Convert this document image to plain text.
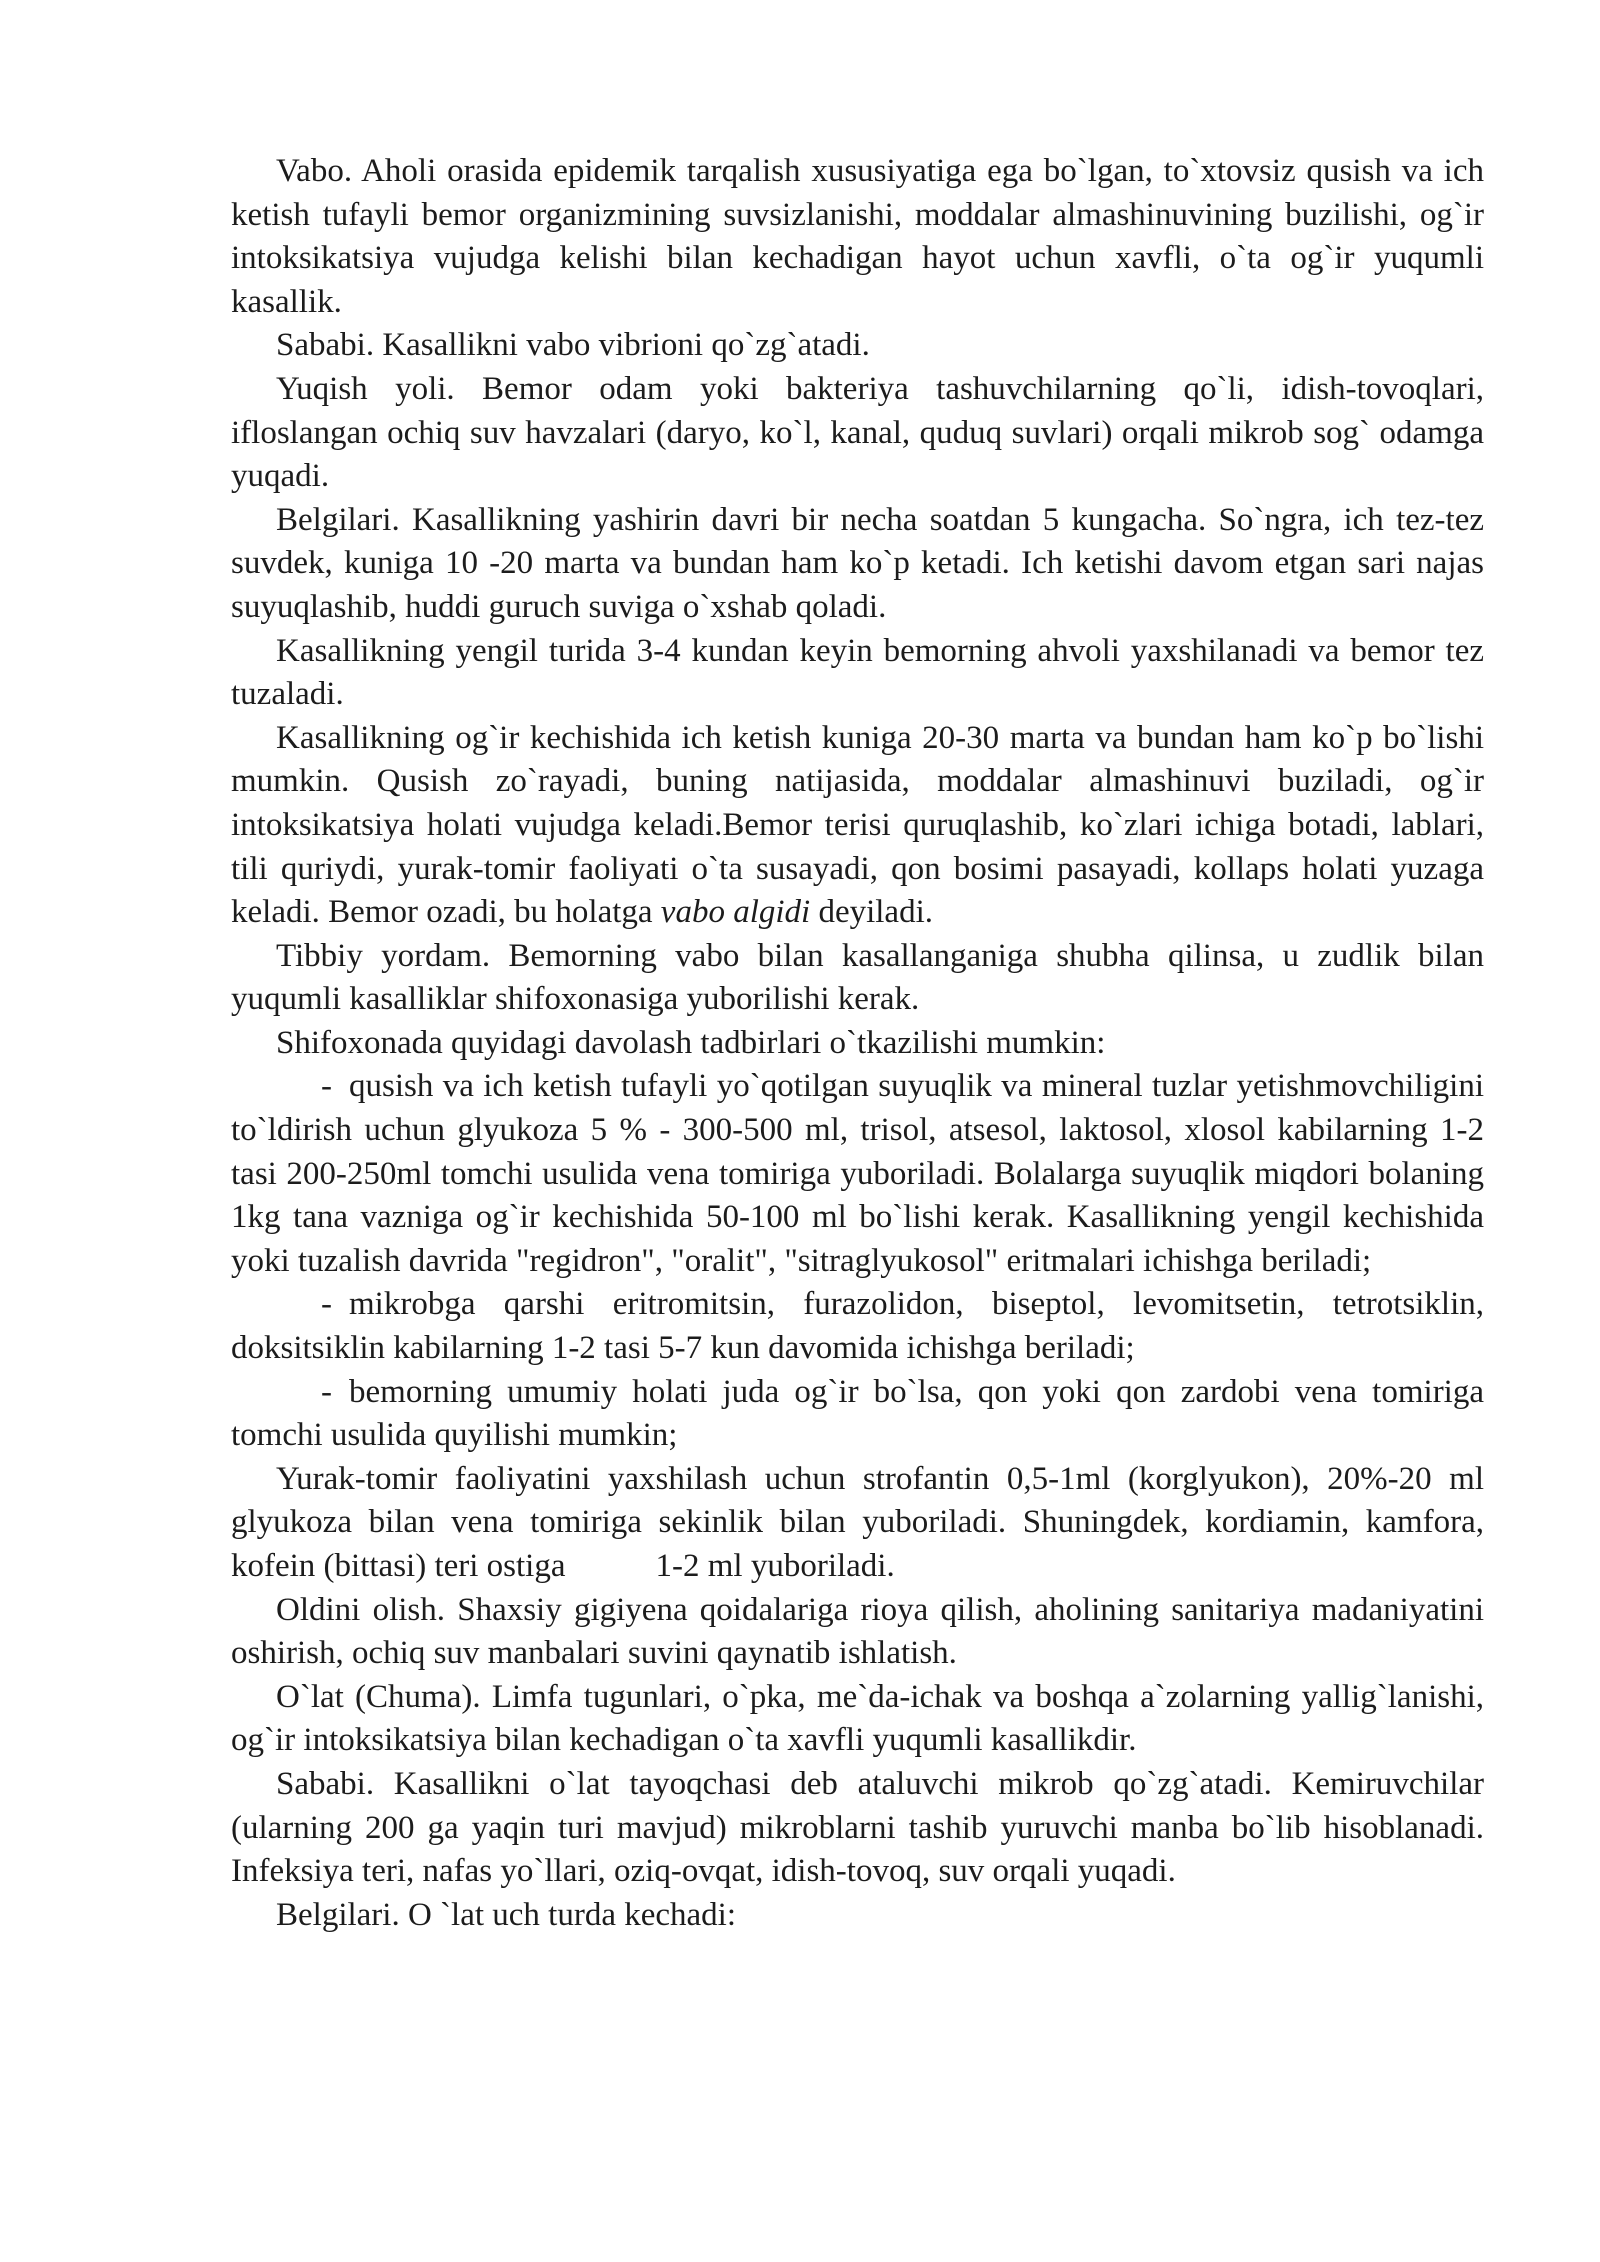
Vabo. Aholi orasida epidemik tarqalish xususiyatiga ega bo`lgan, to`xtovsiz qusish va ich ketish tufayli bemor organizmining suvsizlanishi, moddalar almashinuvining buzilishi, og`ir intoksikatsiya vujudga kelishi bilan kechadigan hayot uchun xavfli, o`ta og`ir yuqumli kasallik.

Sababi. Kasallikni vabo vibrioni qo`zg`atadi.

Yuqish yoli. Bemor odam yoki bakteriya tashuvchilarning qo`li, idish-tovoqlari, ifloslangan ochiq suv havzalari (daryo, ko`l, kanal, quduq suvlari) orqali mikrob sog` odamga yuqadi.

Belgilari. Kasallikning yashirin davri bir necha soatdan 5 kungacha. So`ngra, ich tez-tez suvdek, kuniga 10 -20 marta va bundan ham ko`p ketadi. Ich ketishi davom etgan sari najas suyuqlashib, huddi guruch suviga o`xshab qoladi.

Kasallikning yengil turida 3-4 kundan keyin bemorning ahvoli yaxshilanadi va bemor tez tuzaladi.

Kasallikning og`ir kechishida ich ketish kuniga 20-30 marta va bundan ham ko`p bo`lishi mumkin. Qusish zo`rayadi, buning natijasida, moddalar almashinuvi buziladi, og`ir intoksikatsiya holati vujudga keladi.Bemor terisi quruqlashib, ko`zlari ichiga botadi, lablari, tili quriydi, yurak-tomir faoliyati o`ta susayadi, qon bosimi pasayadi, kollaps holati yuzaga keladi. Bemor ozadi, bu holatga vabo algidi deyiladi.

Tibbiy yordam. Bemorning vabo bilan kasallanganiga shubha qilinsa, u zudlik bilan yuqumli kasalliklar shifoxonasiga yuborilishi kerak.

Shifoxonada quyidagi davolash tadbirlari o`tkazilishi mumkin:

- qusish va ich ketish tufayli yo`qotilgan suyuqlik va mineral tuzlar yetishmovchiligini to`ldirish uchun glyukoza 5 % - 300-500 ml, trisol, atsesol, laktosol, xlosol kabilarning 1-2 tasi 200-250ml tomchi usulida vena tomiriga yuboriladi. Bolalarga suyuqlik miqdori bolaning 1kg tana vazniga og`ir kechishida 50-100 ml bo`lishi kerak. Kasallikning yengil kechishida yoki tuzalish davrida "regidron", "oralit", "sitraglyukosol" eritmalari ichishga beriladi;

- mikrobga qarshi eritromitsin, furazolidon, biseptol, levomitsetin, tetrotsiklin, doksitsiklin kabilarning 1-2 tasi 5-7 kun davomida ichishga beriladi;

- bemorning umumiy holati juda og`ir bo`lsa, qon yoki qon zardobi vena tomiriga tomchi usulida quyilishi mumkin;

Yurak-tomir faoliyatini yaxshilash uchun strofantin 0,5-1ml (korglyukon), 20%-20 ml glyukoza bilan vena tomiriga sekinlik bilan yuboriladi. Shuningdek, kordiamin, kamfora, kofein (bittasi) teri ostiga	1-2 ml yuboriladi.

Oldini olish. Shaxsiy gigiyena qoidalariga rioya qilish, aholining sanitariya madaniyatini oshirish, ochiq suv manbalari suvini qaynatib ishlatish.

O`lat (Chuma). Limfa tugunlari, o`pka, me`da-ichak va boshqa a`zolarning yallig`lanishi, og`ir intoksikatsiya bilan kechadigan o`ta xavfli yuqumli kasallikdir.

Sababi. Kasallikni o`lat tayoqchasi deb ataluvchi mikrob qo`zg`atadi. Kemiruvchilar (ularning 200 ga yaqin turi mavjud) mikroblarni tashib yuruvchi manba bo`lib hisoblanadi. Infeksiya teri, nafas yo`llari, oziq-ovqat, idish-tovoq, suv orqali yuqadi.

Belgilari. O `lat uch turda kechadi:
